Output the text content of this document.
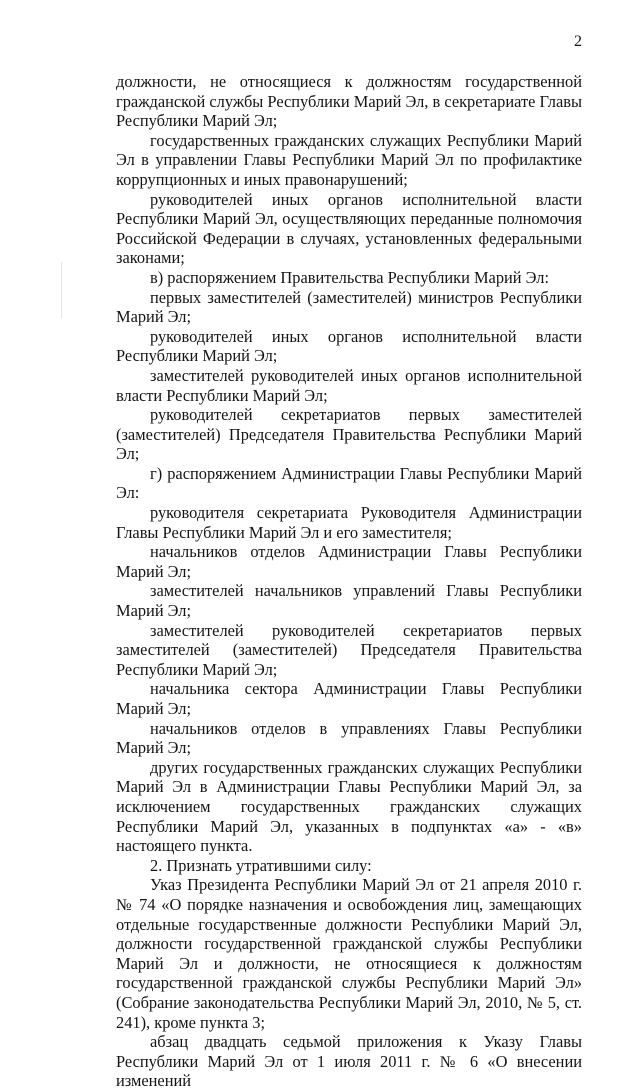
2

должности, не относящиеся к должностям государственной гражданской службы Республики Марий Эл, в секретариате Главы Республики Марий Эл;

государственных гражданских служащих Республики Марий Эл в управлении Главы Республики Марий Эл по профилактике коррупционных и иных правонарушений;

руководителей иных органов исполнительной власти Республики Марий Эл, осуществляющих переданные полномочия Российской Федерации в случаях, установленных федеральными законами;

в) распоряжением Правительства Республики Марий Эл:

первых заместителей (заместителей) министров Республики Марий Эл;

руководителей иных органов исполнительной власти Республики Марий Эл;

заместителей руководителей иных органов исполнительной власти Республики Марий Эл;

руководителей секретариатов первых заместителей (заместителей) Председателя Правительства Республики Марий Эл;

г) распоряжением Администрации Главы Республики Марий Эл:

руководителя секретариата Руководителя Администрации Главы Республики Марий Эл и его заместителя;

начальников отделов Администрации Главы Республики Марий Эл;

заместителей начальников управлений Главы Республики Марий Эл;

заместителей руководителей секретариатов первых заместителей (заместителей) Председателя Правительства Республики Марий Эл;

начальника сектора Администрации Главы Республики Марий Эл;

начальников отделов в управлениях Главы Республики Марий Эл;

других государственных гражданских служащих Республики Марий Эл в Администрации Главы Республики Марий Эл, за исключением государственных гражданских служащих Республики Марий Эл, указанных в подпунктах «а» - «в» настоящего пункта.

2. Признать утратившими силу:

Указ Президента Республики Марий Эл от 21 апреля 2010 г. № 74 «О порядке назначения и освобождения лиц, замещающих отдельные государственные должности Республики Марий Эл, должности государственной гражданской службы Республики Марий Эл и должности, не относящиеся к должностям государственной гражданской службы Республики Марий Эл» (Собрание законодательства Республики Марий Эл, 2010, № 5, ст. 241), кроме пункта 3;

абзац двадцать седьмой приложения к Указу Главы Республики Марий Эл от 1 июля 2011 г. № 6 «О внесении изменений
